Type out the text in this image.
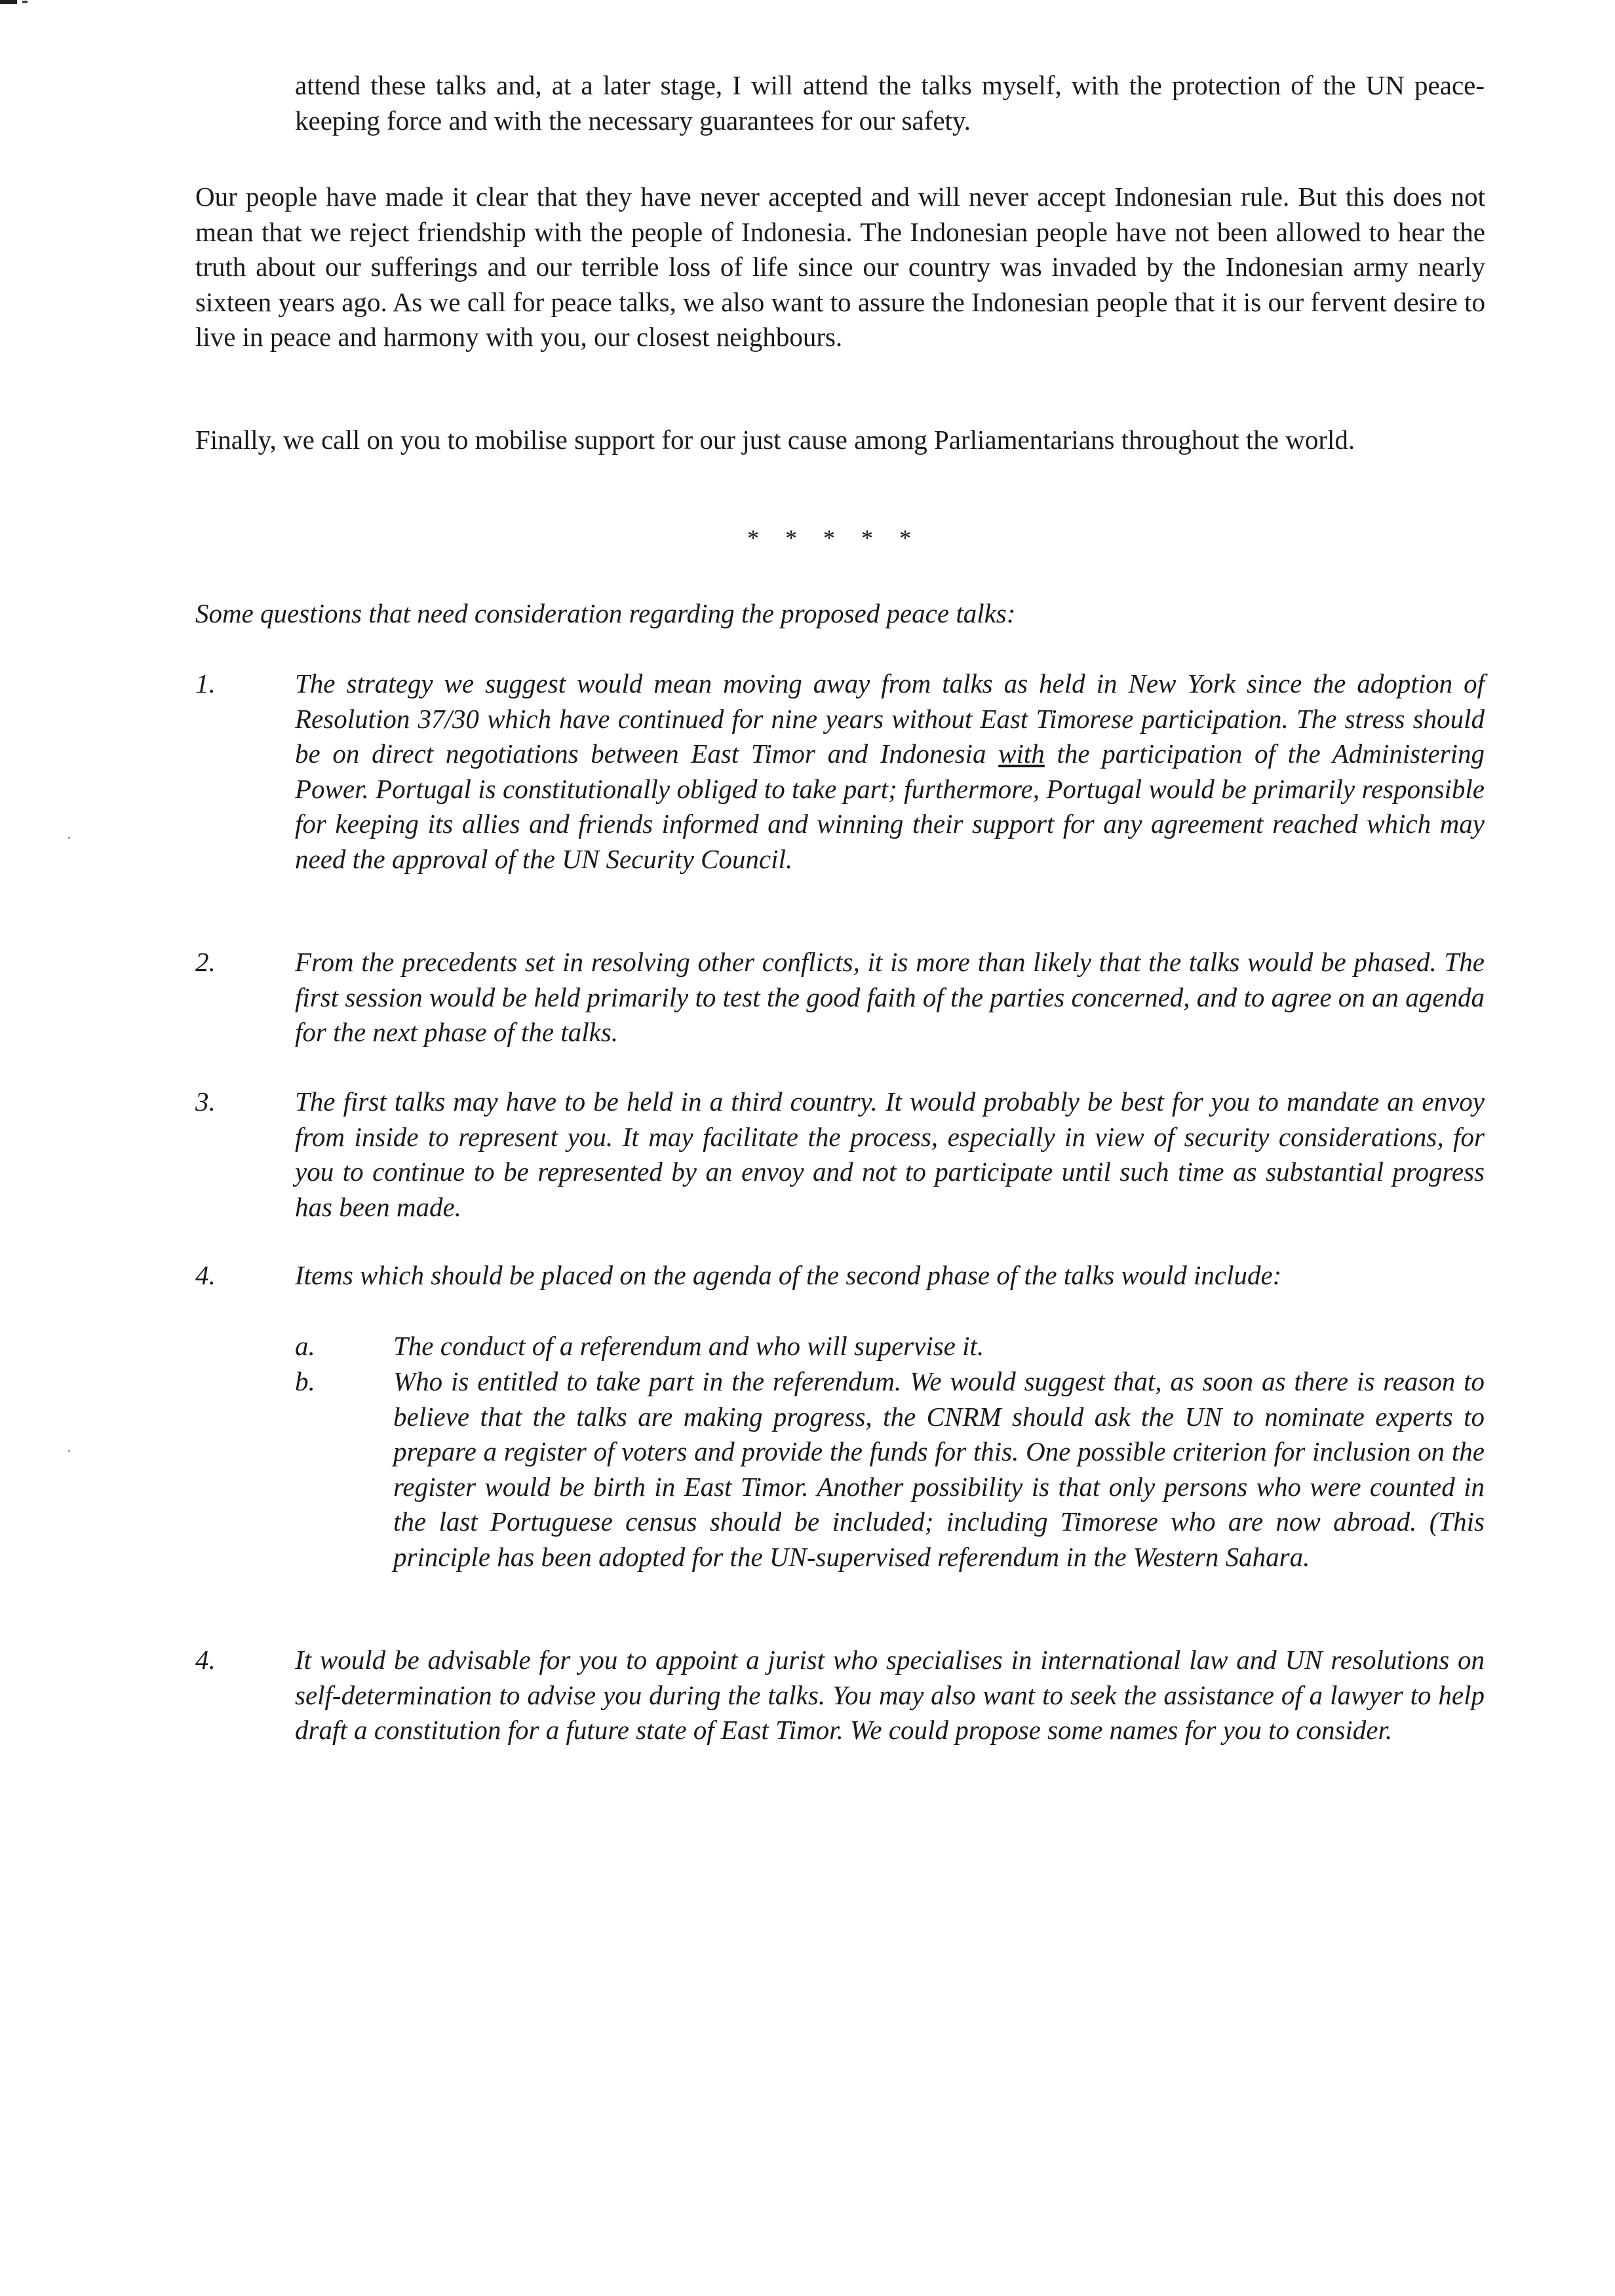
attend these talks and, at a later stage, I will attend the talks myself, with the protection of the UN peace-keeping force and with the necessary guarantees for our safety.

Our people have made it clear that they have never accepted and will never accept Indonesian rule. But this does not mean that we reject friendship with the people of Indonesia. The Indonesian people have not been allowed to hear the truth about our sufferings and our terrible loss of life since our country was invaded by the Indonesian army nearly sixteen years ago. As we call for peace talks, we also want to assure the Indonesian people that it is our fervent desire to live in peace and harmony with you, our closest neighbours.

Finally, we call on you to mobilise support for our just cause among Parliamentarians throughout the world.

* * * * *

Some questions that need consideration regarding the proposed peace talks:

1.	The strategy we suggest would mean moving away from talks as held in New York since the adoption of Resolution 37/30 which have continued for nine years without East Timorese participation. The stress should be on direct negotiations between East Timor and Indonesia with the participation of the Administering Power. Portugal is constitutionally obliged to take part; furthermore, Portugal would be primarily responsible for keeping its allies and friends informed and winning their support for any agreement reached which may need the approval of the UN Security Council.

2.	From the precedents set in resolving other conflicts, it is more than likely that the talks would be phased. The first session would be held primarily to test the good faith of the parties concerned, and to agree on an agenda for the next phase of the talks.

3.	The first talks may have to be held in a third country. It would probably be best for you to mandate an envoy from inside to represent you. It may facilitate the process, especially in view of security considerations, for you to continue to be represented by an envoy and not to participate until such time as substantial progress has been made.

4.	Items which should be placed on the agenda of the second phase of the talks would include:

a.	The conduct of a referendum and who will supervise it.

b.	Who is entitled to take part in the referendum. We would suggest that, as soon as there is reason to believe that the talks are making progress, the CNRM should ask the UN to nominate experts to prepare a register of voters and provide the funds for this. One possible criterion for inclusion on the register would be birth in East Timor. Another possibility is that only persons who were counted in the last Portuguese census should be included; including Timorese who are now abroad. (This principle has been adopted for the UN-supervised referendum in the Western Sahara.

4.	It would be advisable for you to appoint a jurist who specialises in international law and UN resolutions on self-determination to advise you during the talks. You may also want to seek the assistance of a lawyer to help draft a constitution for a future state of East Timor. We could propose some names for you to consider.
